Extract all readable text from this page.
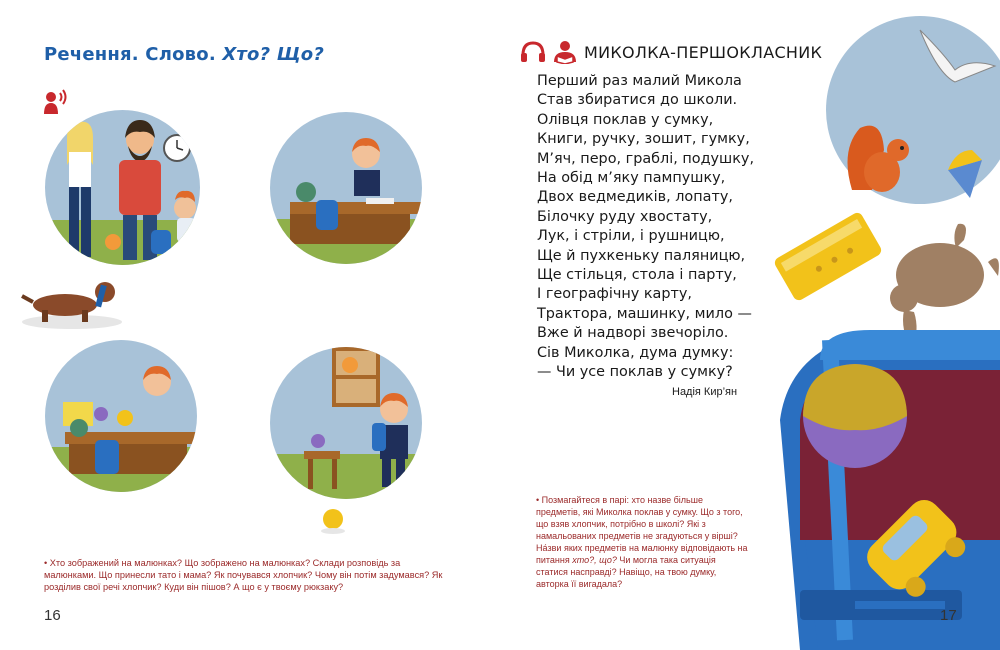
Речення. Слово. Хто? Що?
• Хто зображений на малюнках? Що зображено на малюнках? Склади розповідь за малюнками. Що принесли тато і мама? Як почувався хлопчик? Чому він потім задумався? Як розділив свої речі хлопчик? Куди він пішов? А що є у твоєму рюкзаку?
16
МИКОЛКА-ПЕРШОКЛАСНИК
Перший раз малий Микола
Став збиратися до школи.
Олівця поклав у сумку,
Книги, ручку, зошит, гумку,
М’яч, перо, граблі, подушку,
На обід м’яку пампушку,
Двох ведмедиків, лопату,
Білочку руду хвостату,
Лук, і стріли, і рушницю,
Ще й пухкеньку паляницю,
Ще стільця, стола і парту,
І географічну карту,
Трактора, машинку, мило —
Вже й надворі звечоріло.
Сів Миколка, дума думку:
— Чи усе поклав у сумку?
Надія Кир’ян
• Позмагайтеся в парі: хто назве більше предметів, які Миколка поклав у сумку. Що з того, що взяв хлопчик, потрібно в школі? Які з намальованих предметів не згадуються у вірші? На́зви яких предметів на малюнку відповідають на питання хто?, що? Чи могла така ситуація статися насправді? Навіщо, на твою думку, авторка її вигадала?
17
